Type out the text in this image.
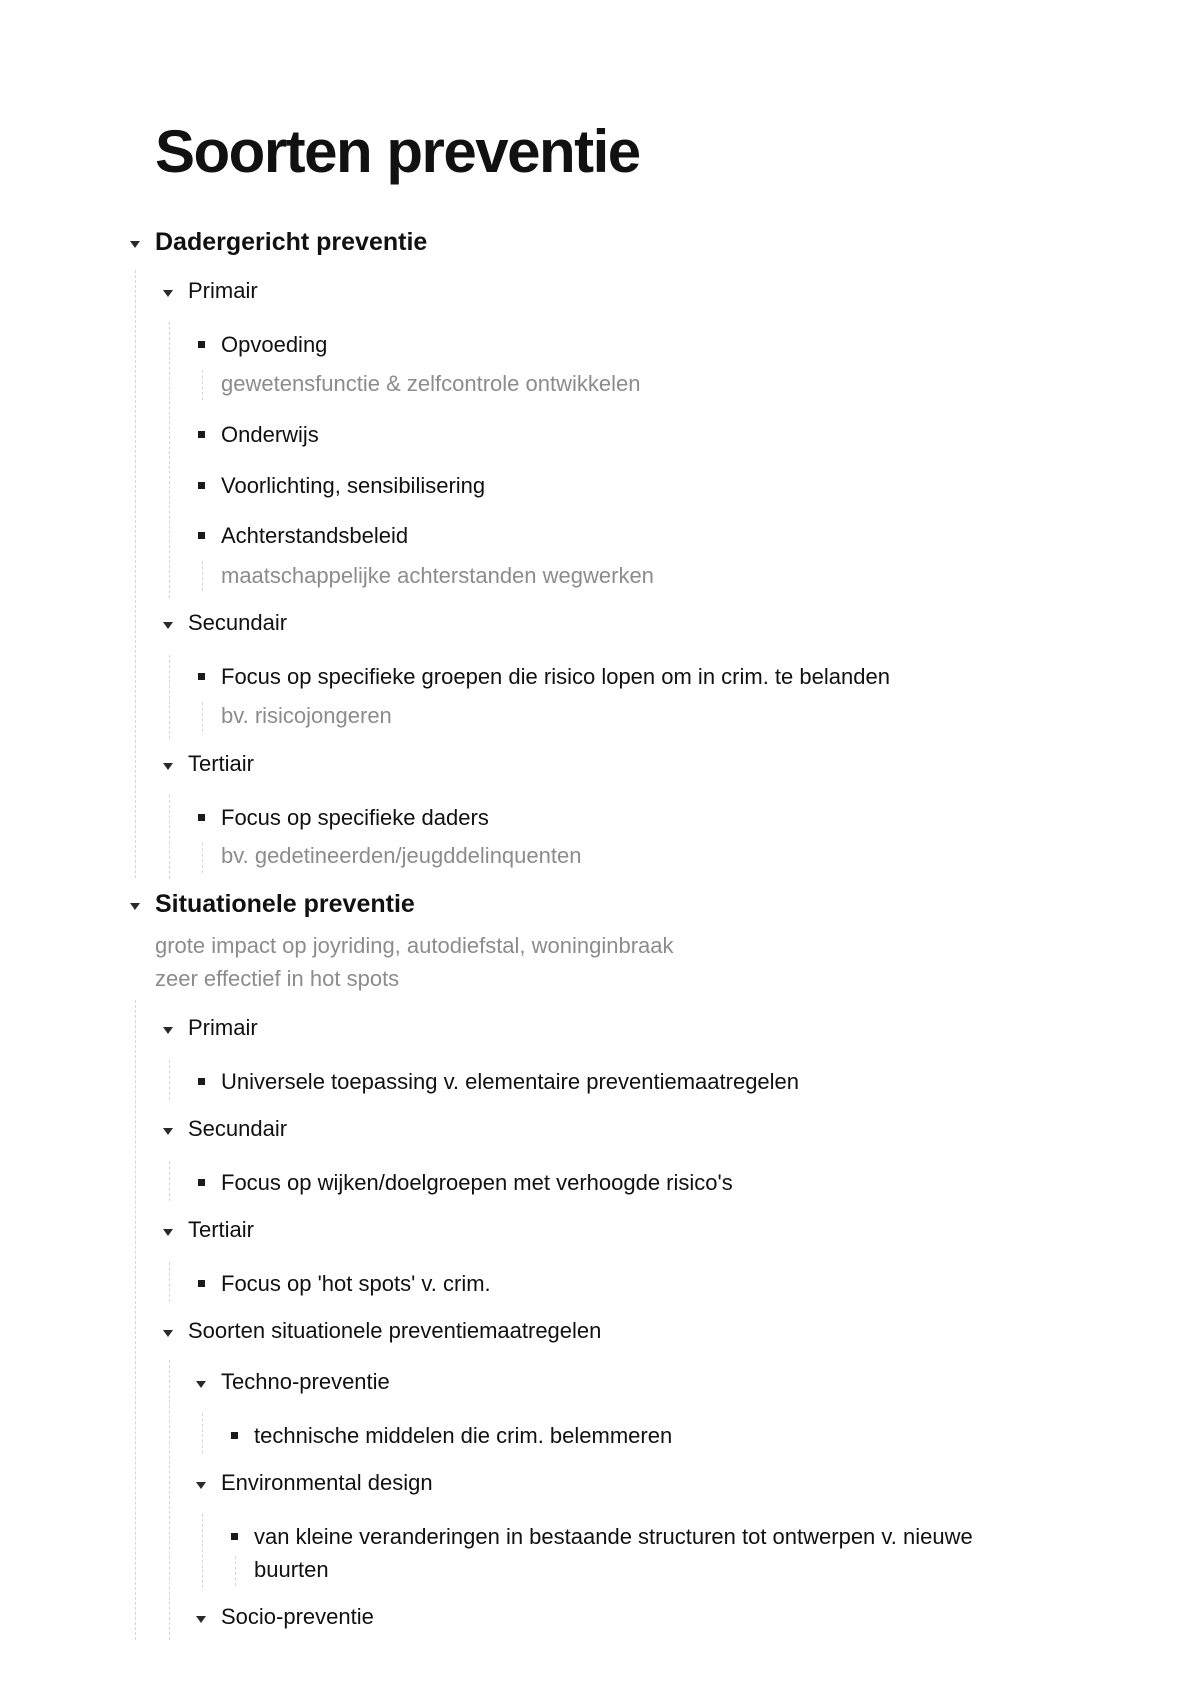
Soorten preventie
Dadergericht preventie
Primair
Opvoeding
gewetensfunctie & zelfcontrole ontwikkelen
Onderwijs
Voorlichting, sensibilisering
Achterstandsbeleid
maatschappelijke achterstanden wegwerken
Secundair
Focus op specifieke groepen die risico lopen om in crim. te belanden
bv. risicojongeren
Tertiair
Focus op specifieke daders
bv. gedetineerden/jeugddelinquenten
Situationele preventie
grote impact op joyriding, autodiefstal, woninginbraak
zeer effectief in hot spots
Primair
Universele toepassing v. elementaire preventiemaatregelen
Secundair
Focus op wijken/doelgroepen met verhoogde risico's
Tertiair
Focus op 'hot spots' v. crim.
Soorten situationele preventiemaatregelen
Techno-preventie
technische middelen die crim. belemmeren
Environmental design
van kleine veranderingen in bestaande structuren tot ontwerpen v. nieuwe
buurten
Socio-preventie
